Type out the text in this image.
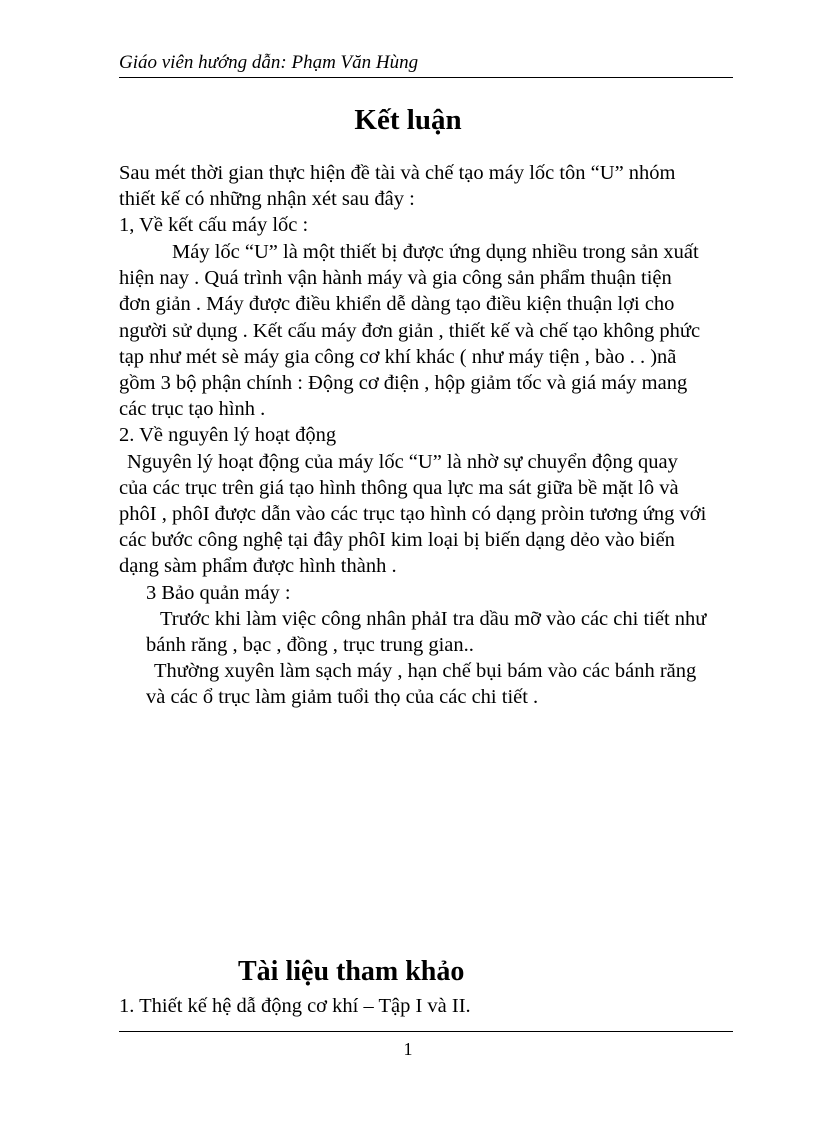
Giáo viên hướng dẫn: Phạm Văn Hùng
Kết luận
Sau mét thời gian thực hiện đề tài và chế tạo máy lốc tôn “U” nhóm
thiết kế có những nhận xét sau đây :
1, Về kết cấu máy lốc :
Máy lốc “U” là một thiết bị được ứng dụng nhiều trong sản xuất
hiện nay . Quá trình vận hành máy và gia công sản phẩm thuận tiện
đơn giản . Máy được điều khiển dễ dàng tạo điều kiện thuận lợi cho
người sử dụng . Kết cấu máy đơn giản , thiết kế và chế tạo không phức
tạp như mét sè máy gia công cơ khí khác ( như máy tiện , bào . . )nã
gồm 3 bộ phận chính : Động cơ điện , hộp giảm tốc và giá máy mang
các trục tạo hình .
2. Về nguyên lý hoạt động
Nguyên lý hoạt động của máy lốc “U” là nhờ sự chuyển động quay
của các trục trên giá tạo hình thông qua lực ma sát giữa bề mặt lô và
phôI , phôI được dẫn vào các trục tạo hình có dạng pròin tương ứng với
các bước công nghệ tại đây phôI kim loại bị biến dạng dẻo vào biến
dạng sàm phẩm được hình thành .
3 Bảo quản máy :
Trước khi làm việc công nhân phảI tra dầu mỡ vào các chi tiết như
bánh răng , bạc , đồng , trục trung gian..
Thường xuyên làm sạch máy , hạn chế bụi bám vào các bánh răng
và các ổ trục làm giảm tuổi thọ của các chi tiết .
Tài liệu tham khảo
1. Thiết kế hệ dẫ động cơ khí – Tập I và II.
1
